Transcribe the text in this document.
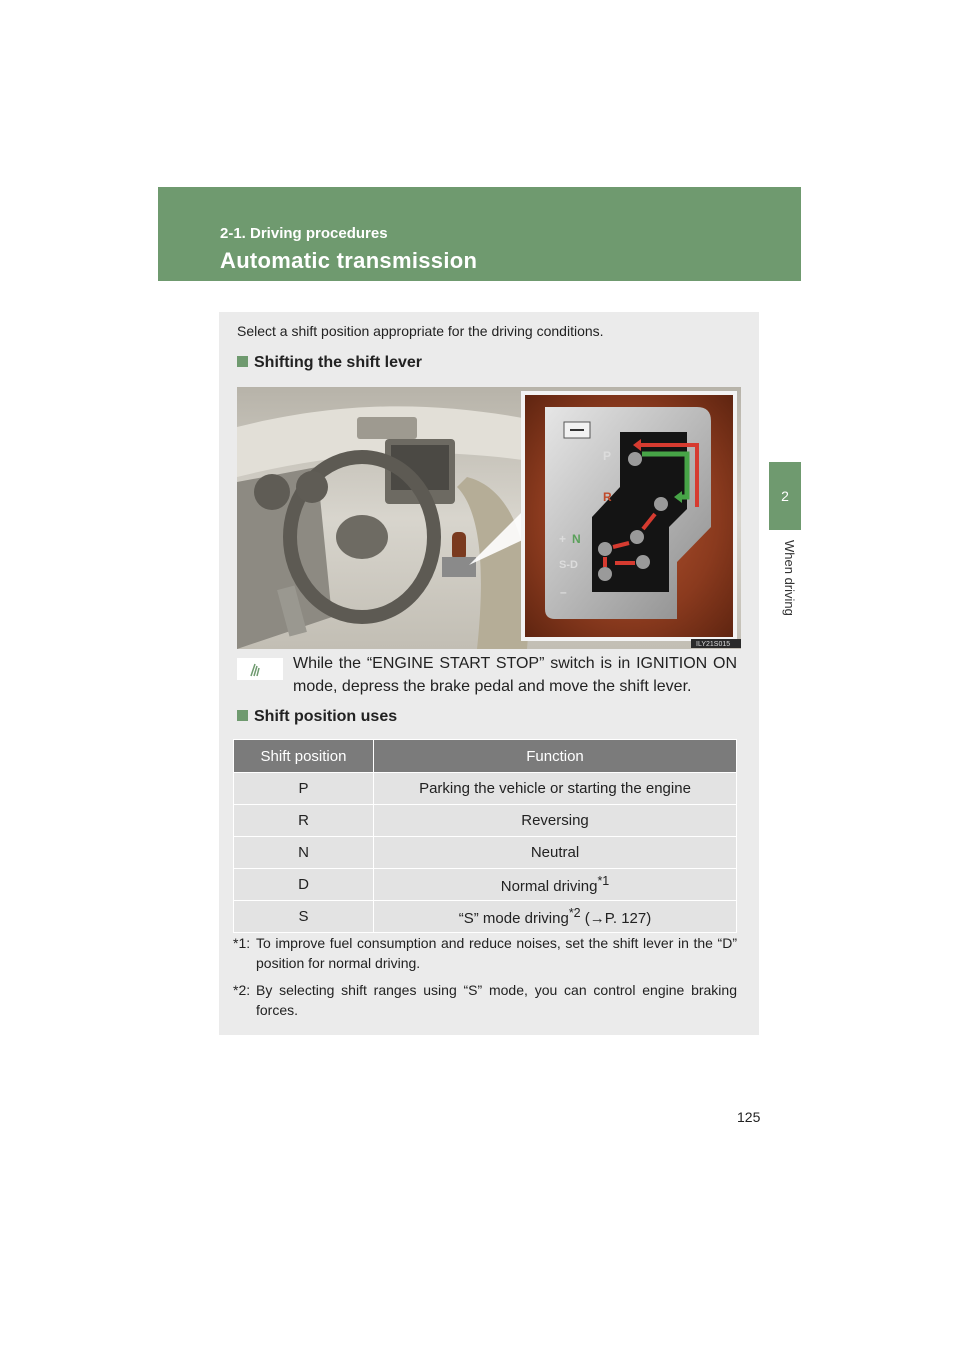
2-1. Driving procedures
Automatic transmission
2
When driving
Select a shift position appropriate for the driving conditions.
Shifting the shift lever
P
R
+ N
S-D
–
ILY21S015
While the “ENGINE START STOP” switch is in IGNITION ON mode, depress the brake pedal and move the shift lever.
Shift position uses
Shift position	Function
P	Parking the vehicle or starting the engine
R	Reversing
N	Neutral
D	Normal driving$^{*1}$
S	“S” mode driving$^{*2}$ (→P. 127)
*1: To improve fuel consumption and reduce noises, set the shift lever in the “D” position for normal driving.
*2: By selecting shift ranges using “S” mode, you can control engine braking forces.
125
